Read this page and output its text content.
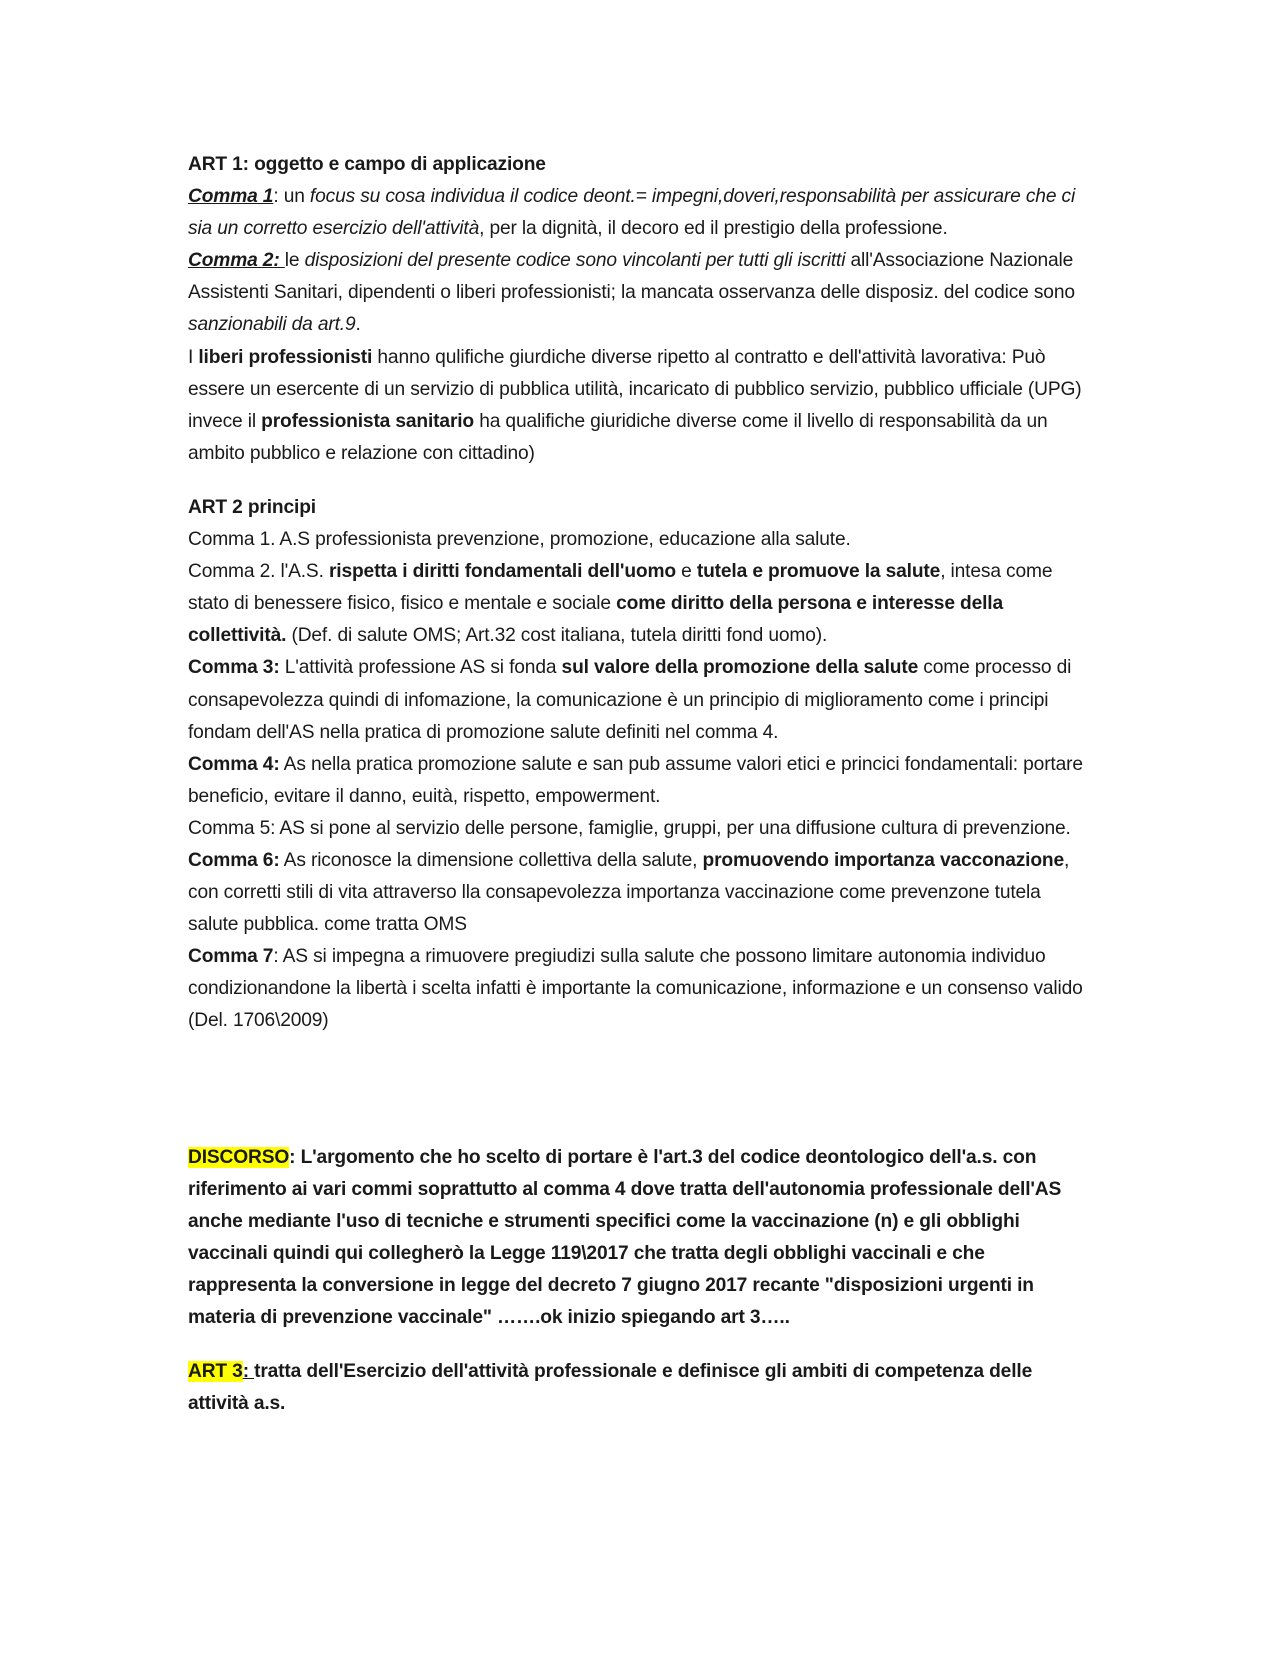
ART 1: oggetto e campo di applicazione

Comma 1: un focus su cosa individua il codice deont.= impegni,doveri,responsabilità per assicurare che ci sia un corretto esercizio dell'attività, per la dignità, il decoro ed il prestigio della professione.

Comma 2: le disposizioni del presente codice sono vincolanti per tutti gli iscritti all'Associazione Nazionale Assistenti Sanitari, dipendenti o liberi professionisti; la mancata osservanza delle disposiz. del codice sono sanzionabili da art.9.

I liberi professionisti hanno qulifiche giurdiche diverse ripetto al contratto e dell'attività lavorativa: Può essere un esercente di un servizio di pubblica utilità, incaricato di pubblico servizio, pubblico ufficiale (UPG) invece il professionista sanitario ha qualifiche giuridiche diverse come il livello di responsabilità da un ambito pubblico e relazione con cittadino)

ART 2 principi

Comma 1. A.S professionista prevenzione, promozione, educazione alla salute.

Comma 2. l'A.S. rispetta i diritti fondamentali dell'uomo e tutela e promuove la salute, intesa come stato di benessere fisico, fisico e mentale e sociale come diritto della persona e interesse della collettività. (Def. di salute OMS; Art.32 cost italiana, tutela diritti fond uomo).

Comma 3: L'attività professione AS si fonda sul valore della promozione della salute come processo di consapevolezza quindi di infomazione, la comunicazione è un principio di miglioramento come i principi fondam dell'AS nella pratica di promozione salute definiti nel comma 4.

Comma 4: As nella pratica promozione salute e san pub assume valori etici e princici fondamentali: portare beneficio, evitare il danno, euità, rispetto, empowerment.

Comma 5: AS si pone al servizio delle persone, famiglie, gruppi, per una diffusione cultura di prevenzione.

Comma 6: As riconosce la dimensione collettiva della salute, promuovendo importanza vacconazione, con corretti stili di vita attraverso lla consapevolezza importanza vaccinazione come prevenzone tutela salute pubblica. come tratta OMS

Comma 7: AS si impegna a rimuovere pregiudizi sulla salute che possono limitare autonomia individuo condizionandone la libertà i scelta infatti è importante la comunicazione, informazione e un consenso valido (Del. 1706\2009)

DISCORSO: L'argomento che ho scelto di portare è l'art.3 del codice deontologico dell'a.s. con riferimento ai vari commi soprattutto al comma 4 dove tratta dell'autonomia professionale dell'AS anche mediante l'uso di tecniche e strumenti specifici come la vaccinazione (n) e gli obblighi vaccinali quindi qui collegherò la Legge 119\2017 che tratta degli obblighi vaccinali e che rappresenta la conversione in legge del decreto 7 giugno 2017 recante "disposizioni urgenti in materia di prevenzione vaccinale" …….ok inizio spiegando art 3…..

ART 3: tratta dell'Esercizio dell'attività professionale e definisce gli ambiti di competenza delle attività a.s.
